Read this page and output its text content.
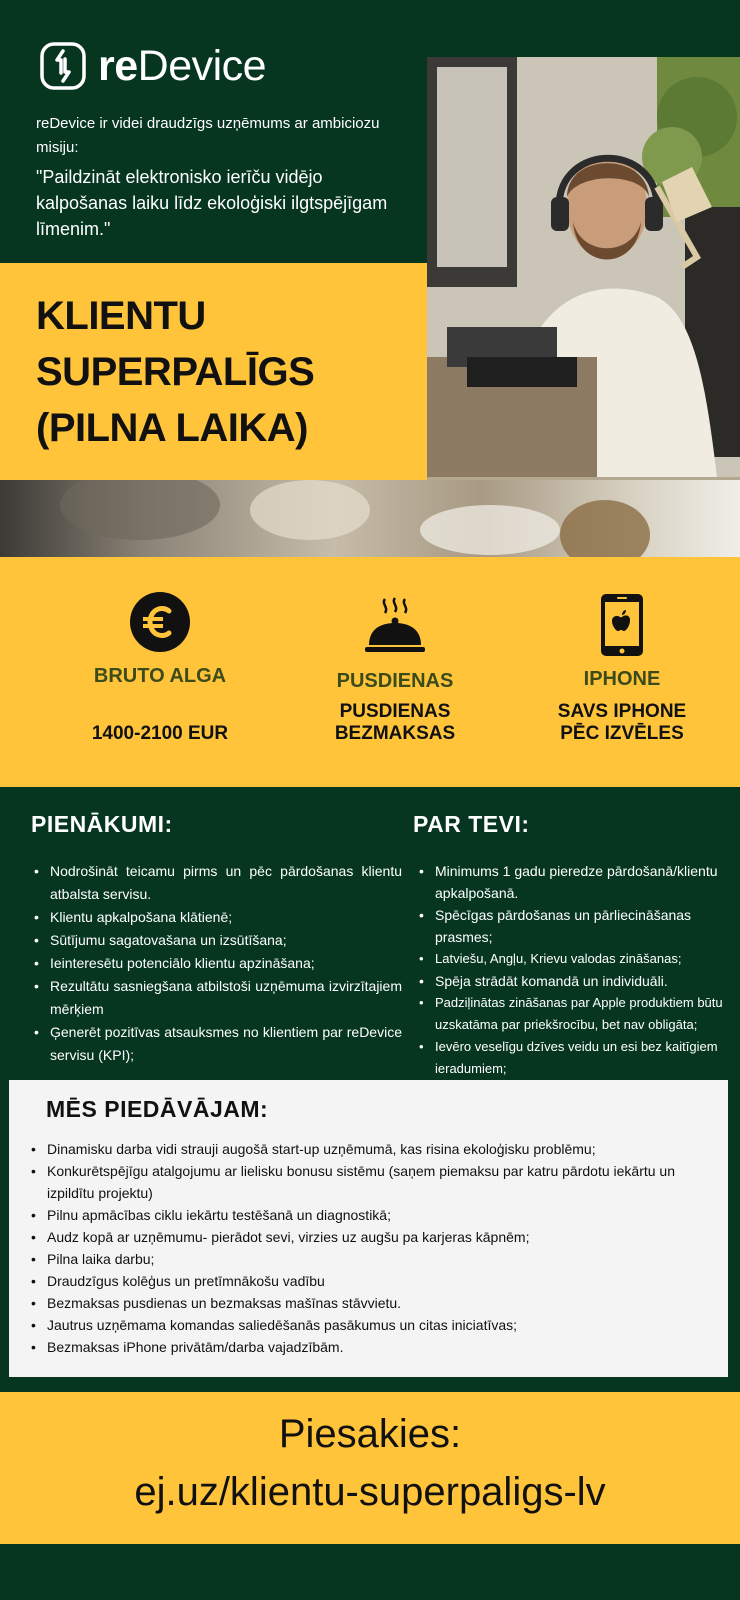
reDevice
reDevice ir videi draudzīgs uzņēmums ar ambiciozu misiju:
"Paildzināt elektronisko ierīču vidējo kalpošanas laiku līdz ekoloģiski ilgtspējīgam līmenim."
KLIENTU
SUPERPALĪGS
(PILNA LAIKA)
BRUTO ALGA
1400-2100 EUR
PUSDIENAS
PUSDIENAS
BEZMAKSAS
IPHONE
SAVS IPHONE
PĒC IZVĒLES
PIENĀKUMI:
• Nodrošināt teicamu pirms un pēc pārdošanas klientu atbalsta servisu.
• Klientu apkalpošana klātienē;
• Sūtījumu sagatovašana un izsūtīšana;
• Ieinteresētu potenciālo klientu apzināšana;
• Rezultātu sasniegšana atbilstoši uzņēmuma izvirzītajiem mērķiem
• Ģenerēt pozitīvas atsauksmes no klientiem par reDevice servisu (KPI);
PAR TEVI:
• Minimums 1 gadu pieredze pārdošanā/klientu apkalpošanā.
• Spēcīgas pārdošanas un pārliecināšanas prasmes;
• Latviešu, Angļu, Krievu valodas zināšanas;
• Spēja strādāt komandā un individuāli.
• Padziļinātas zināšanas par Apple produktiem būtu uzskatāma par priekšrocību, bet nav obligāta;
• Ievēro veselīgu dzīves veidu un esi bez kaitīgiem ieradumiem;
MĒS PIEDĀVĀJAM:
• Dinamisku darba vidi strauji augošā start-up uzņēmumā, kas risina ekoloģisku problēmu;
• Konkurētspējīgu atalgojumu ar lielisku bonusu sistēmu (saņem piemaksu par katru pārdotu iekārtu un izpildītu projektu)
• Pilnu apmācības ciklu iekārtu testēšanā un diagnostikā;
• Audz kopā ar uzņēmumu- pierādot sevi, virzies uz augšu pa karjeras kāpnēm;
• Pilna laika darbu;
• Draudzīgus kolēģus un pretīmnākošu vadību
• Bezmaksas pusdienas un bezmaksas mašīnas stāvvietu.
• Jautrus uzņēmama komandas saliedēšanās pasākumus un citas iniciatīvas;
• Bezmaksas iPhone privātām/darba vajadzībām.
Piesakies:
ej.uz/klientu-superpaligs-lv
